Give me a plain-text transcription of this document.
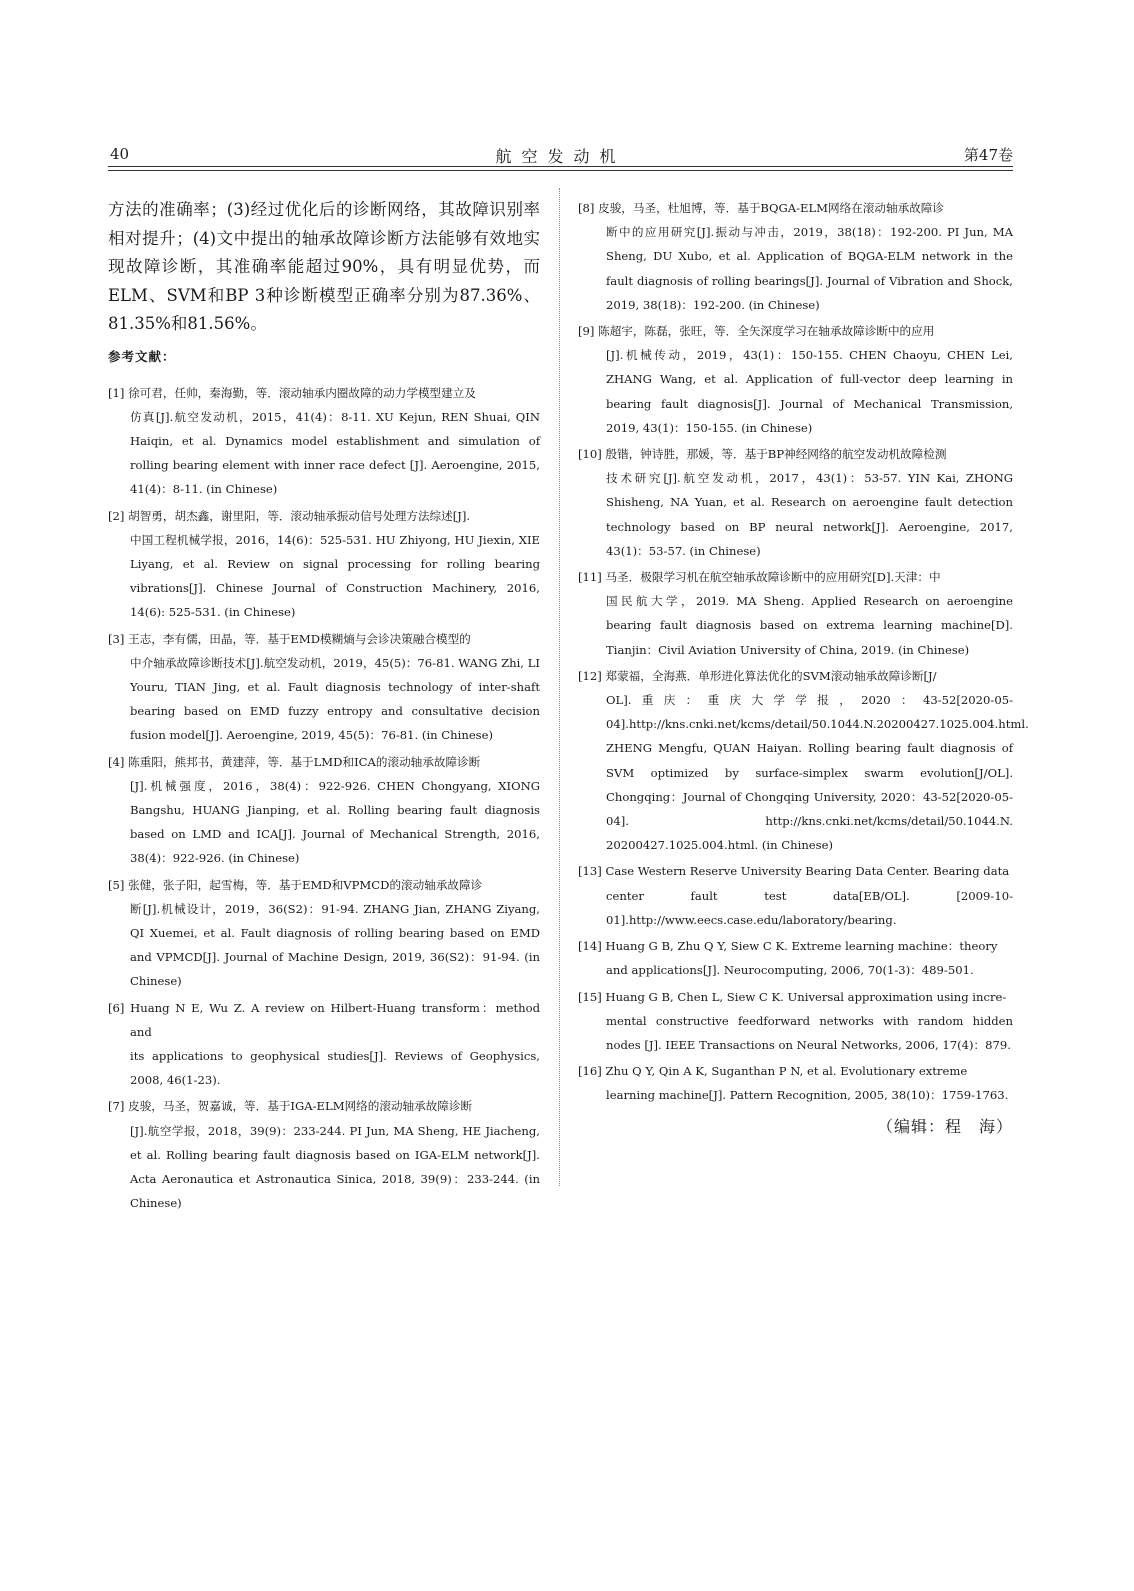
40	航空发动机	第47卷

方法的准确率；(3)经过优化后的诊断网络，其故障识别率相对提升；(4)文中提出的轴承故障诊断方法能够有效地实现故障诊断，其准确率能超过90%，具有明显优势，而ELM、SVM和BP 3种诊断模型正确率分别为87.36%、81.35%和81.56%。

参考文献：
[1] 徐可君，任帅，秦海勤，等．滚动轴承内圈故障的动力学模型建立及
仿真[J].航空发动机，2015，41(4)：8-11. XU Kejun, REN Shuai, QIN Haiqin, et al. Dynamics model establishment and simulation of rolling bearing element with inner race defect [J]. Aeroengine, 2015, 41(4)：8-11. (in Chinese)
[2] 胡智勇，胡杰鑫，谢里阳，等．滚动轴承振动信号处理方法综述[J].
中国工程机械学报，2016，14(6)：525-531. HU Zhiyong, HU Jiexin, XIE Liyang, et al. Review on signal processing for rolling bearing vibrations[J]. Chinese Journal of Construction Machinery, 2016, 14(6): 525-531. (in Chinese)
[3] 王志，李有儒，田晶，等．基于EMD模糊熵与会诊决策融合模型的
中介轴承故障诊断技术[J].航空发动机，2019，45(5)：76-81. WANG Zhi, LI Youru, TIAN Jing, et al. Fault diagnosis technology of inter-shaft bearing based on EMD fuzzy entropy and consultative decision fusion model[J]. Aeroengine, 2019, 45(5)：76-81. (in Chinese)
[4] 陈重阳，熊邦书，黄建萍，等．基于LMD和ICA的滚动轴承故障诊断
[J].机械强度，2016，38(4)：922-926. CHEN Chongyang, XIONG Bangshu, HUANG Jianping, et al. Rolling bearing fault diagnosis based on LMD and ICA[J]. Journal of Mechanical Strength, 2016, 38(4)：922-926. (in Chinese)
[5] 张健，张子阳，起雪梅，等．基于EMD和VPMCD的滚动轴承故障诊
断[J].机械设计，2019，36(S2)：91-94. ZHANG Jian, ZHANG Ziyang, QI Xuemei, et al. Fault diagnosis of rolling bearing based on EMD and VPMCD[J]. Journal of Machine Design, 2019, 36(S2)：91-94. (in Chinese)
[6] Huang N E, Wu Z. A review on Hilbert-Huang transform：method and
its applications to geophysical studies[J]. Reviews of Geophysics, 2008, 46(1-23).
[7] 皮骏，马圣，贺嘉诚，等．基于IGA-ELM网络的滚动轴承故障诊断
[J].航空学报，2018，39(9)：233-244. PI Jun, MA Sheng, HE Jiacheng, et al. Rolling bearing fault diagnosis based on IGA-ELM network[J]. Acta Aeronautica et Astronautica Sinica, 2018, 39(9)：233-244. (in Chinese)
[8] 皮骏，马圣，杜旭博，等．基于BQGA-ELM网络在滚动轴承故障诊
断中的应用研究[J].振动与冲击，2019，38(18)：192-200. PI Jun, MA Sheng, DU Xubo, et al. Application of BQGA-ELM network in the fault diagnosis of rolling bearings[J]. Journal of Vibration and Shock, 2019, 38(18)：192-200. (in Chinese)
[9] 陈超宇，陈磊，张旺，等．全矢深度学习在轴承故障诊断中的应用
[J].机械传动，2019，43(1)：150-155. CHEN Chaoyu, CHEN Lei, ZHANG Wang, et al. Application of full-vector deep learning in bearing fault diagnosis[J]. Journal of Mechanical Transmission, 2019, 43(1)：150-155. (in Chinese)
[10] 殷锴，钟诗胜，那媛，等．基于BP神经网络的航空发动机故障检测
技术研究[J].航空发动机，2017，43(1)：53-57. YIN Kai, ZHONG Shisheng, NA Yuan, et al. Research on aeroengine fault detection technology based on BP neural network[J]. Aeroengine, 2017, 43(1)：53-57. (in Chinese)
[11] 马圣．极限学习机在航空轴承故障诊断中的应用研究[D].天津：中
国民航大学，2019. MA Sheng. Applied Research on aeroengine bearing fault diagnosis based on extrema learning machine[D]. Tianjin：Civil Aviation University of China, 2019. (in Chinese)
[12] 郑蒙福，全海燕．单形进化算法优化的SVM滚动轴承故障诊断[J/
OL].重庆：重庆大学学报，2020：43-52[2020-05-04].http://kns.cnki.net/kcms/detail/50.1044.N.20200427.1025.004.html. ZHENG Mengfu, QUAN Haiyan. Rolling bearing fault diagnosis of SVM optimized by surface-simplex swarm evolution[J/OL]. Chongqing：Journal of Chongqing University, 2020：43-52[2020-05-04]. http://kns.cnki.net/kcms/detail/50.1044.N. 20200427.1025.004.html. (in Chinese)
[13] Case Western Reserve University Bearing Data Center. Bearing data
center fault test data[EB/OL]. [2009-10-01].http://www.eecs.case.edu/laboratory/bearing.
[14] Huang G B, Zhu Q Y, Siew C K. Extreme learning machine：theory
and applications[J]. Neurocomputing, 2006, 70(1-3)：489-501.
[15] Huang G B, Chen L, Siew C K. Universal approximation using incre-
mental constructive feedforward networks with random hidden nodes [J]. IEEE Transactions on Neural Networks, 2006, 17(4)：879.
[16] Zhu Q Y, Qin A K, Suganthan P N, et al. Evolutionary extreme
learning machine[J]. Pattern Recognition, 2005, 38(10)：1759-1763.
（编辑：程　海）
